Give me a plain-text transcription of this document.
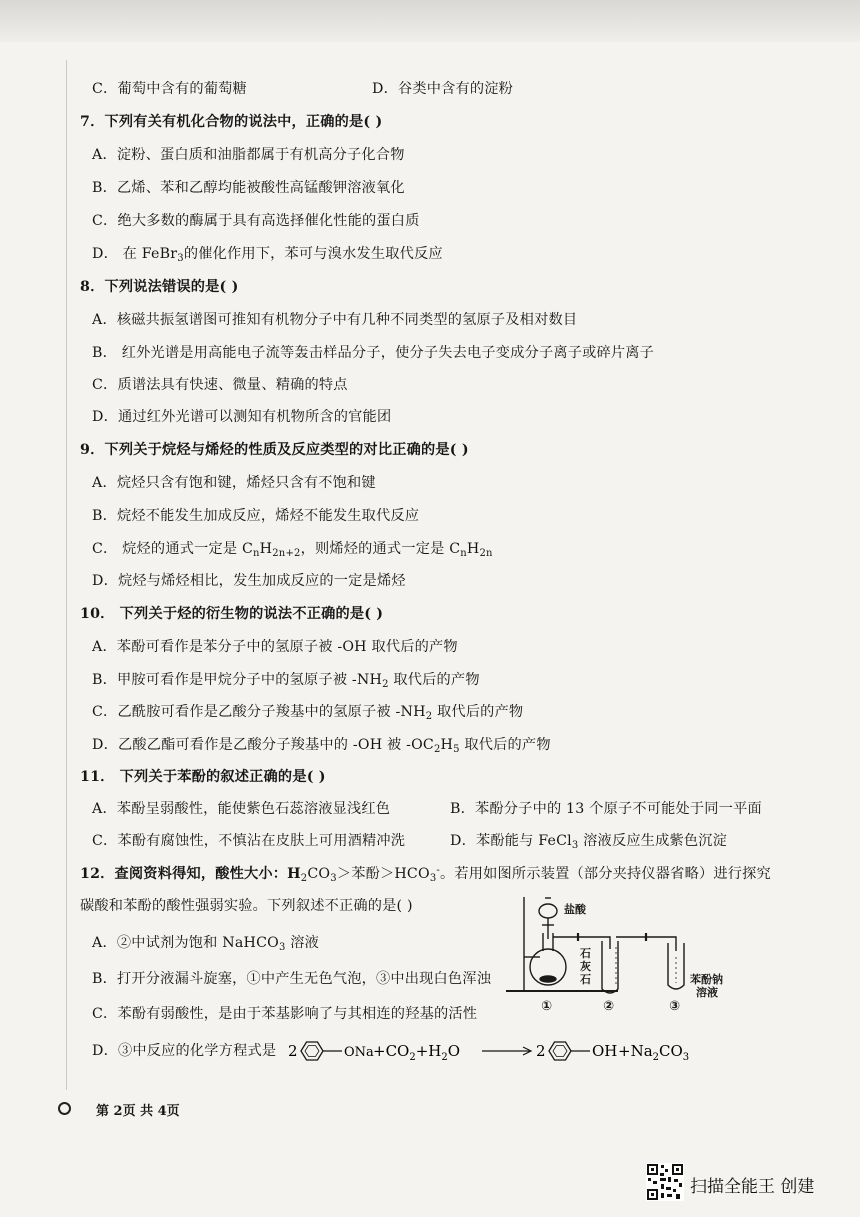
C．葡萄中含有的葡萄糖	D．谷类中含有的淀粉
7．下列有关有机化合物的说法中，正确的是( )
A．淀粉、蛋白质和油脂都属于有机高分子化合物
B．乙烯、苯和乙醇均能被酸性高锰酸钾溶液氧化
C．绝大多数的酶属于具有高选择催化性能的蛋白质
D． 在 FeBr$_3$的催化作用下，苯可与溴水发生取代反应
8．下列说法错误的是( )
A．核磁共振氢谱图可推知有机物分子中有几种不同类型的氢原子及相对数目
B． 红外光谱是用高能电子流等轰击样品分子，使分子失去电子变成分子离子或碎片离子
C．质谱法具有快速、微量、精确的特点
D．通过红外光谱可以测知有机物所含的官能团
9．下列关于烷烃与烯烃的性质及反应类型的对比正确的是( )
A．烷烃只含有饱和键，烯烃只含有不饱和键
B．烷烃不能发生加成反应，烯烃不能发生取代反应
C． 烷烃的通式一定是 $C_nH_{2n+2}$，则烯烃的通式一定是 $C_nH_{2n}$
D．烷烃与烯烃相比，发生加成反应的一定是烯烃
10． 下列关于烃的衍生物的说法不正确的是( )
A．苯酚可看作是苯分子中的氢原子被 -OH 取代后的产物
B．甲胺可看作是甲烷分子中的氢原子被 $-NH_2$ 取代后的产物
C．乙酰胺可看作是乙酸分子羧基中的氢原子被 $-NH_2$ 取代后的产物
D．乙酸乙酯可看作是乙酸分子羧基中的 -OH 被 $-OC_2H_5$ 取代后的产物
11． 下列关于苯酚的叙述正确的是( )
A．苯酚呈弱酸性，能使紫色石蕊溶液显浅红色	B．苯酚分子中的 13 个原子不可能处于同一平面
C．苯酚有腐蚀性，不慎沾在皮肤上可用酒精冲洗	D．苯酚能与 FeCl$_3$ 溶液反应生成紫色沉淀
12．查阅资料得知，酸性大小：$H_2CO_3>$苯酚$>HCO_3^-$。若用如图所示装置（部分夹持仪器省略）进行探究
碳酸和苯酚的酸性强弱实验。下列叙述不正确的是( )
A．②中试剂为饱和 NaHCO$_3$ 溶液
B．打开分液漏斗旋塞，①中产生无色气泡，③中出现白色浑浊
C．苯酚有弱酸性，是由于苯基影响了与其相连的羟基的活性
D．③中反应的化学方程式是 2	ONa $+CO_2+H_2O$	2	OH $+Na_2CO_3$
盐酸
石
灰
石	苯酚钠
溶液
①	②	③
第 2页 共 4页
扫描全能王 创建
